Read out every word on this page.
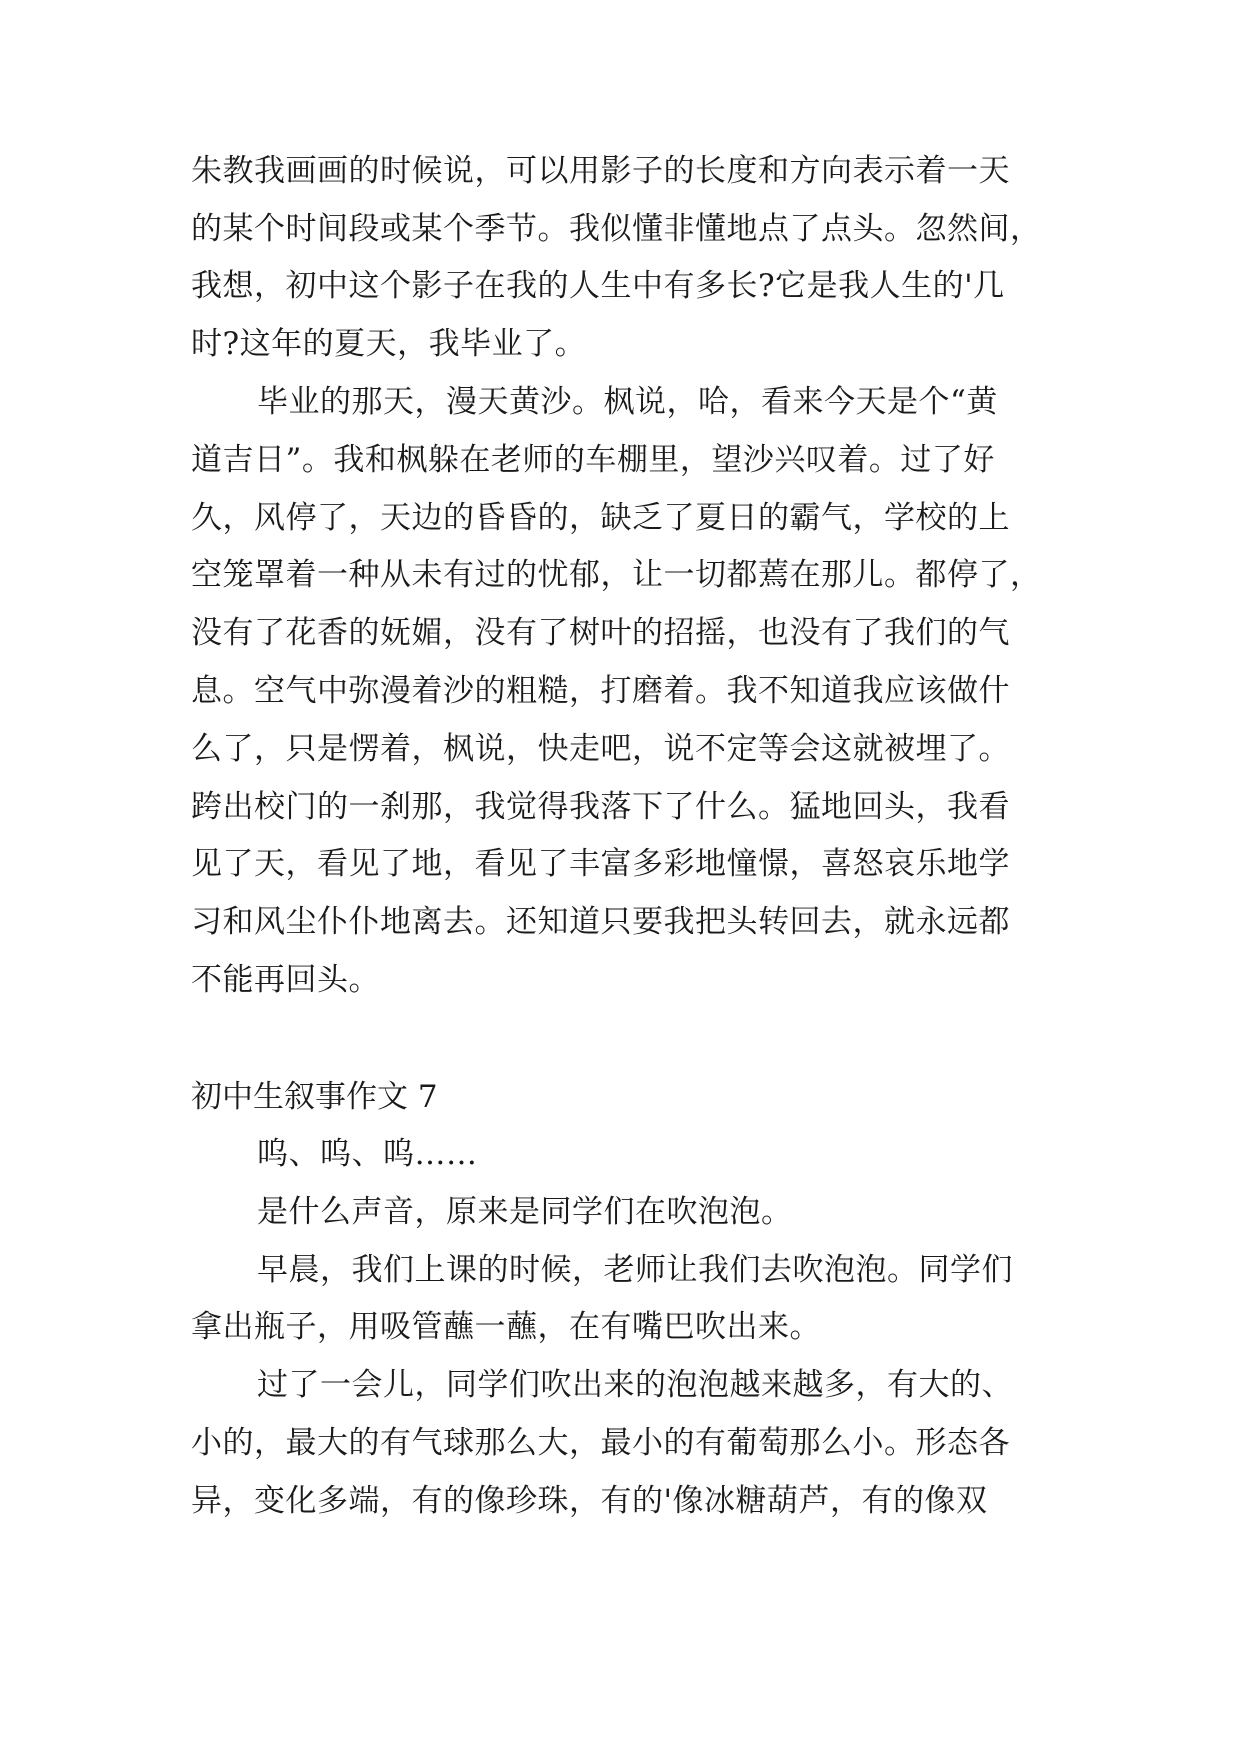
朱教我画画的时候说，可以用影子的长度和方向表示着一天
的某个时间段或某个季节。我似懂非懂地点了点头。忽然间，
我想，初中这个影子在我的人生中有多长?它是我人生的'几
时?这年的夏天，我毕业了。
毕业的那天，漫天黄沙。枫说，哈，看来今天是个“黄
道吉日”。我和枫躲在老师的车棚里，望沙兴叹着。过了好
久，风停了，天边的昏昏的，缺乏了夏日的霸气，学校的上
空笼罩着一种从未有过的忧郁，让一切都蔫在那儿。都停了，
没有了花香的妩媚，没有了树叶的招摇，也没有了我们的气
息。空气中弥漫着沙的粗糙，打磨着。我不知道我应该做什
么了，只是愣着，枫说，快走吧，说不定等会这就被埋了。
跨出校门的一刹那，我觉得我落下了什么。猛地回头，我看
见了天，看见了地，看见了丰富多彩地憧憬，喜怒哀乐地学
习和风尘仆仆地离去。还知道只要我把头转回去，就永远都
不能再回头。
初中生叙事作文 7
呜、呜、呜……
是什么声音，原来是同学们在吹泡泡。
早晨，我们上课的时候，老师让我们去吹泡泡。同学们
拿出瓶子，用吸管蘸一蘸，在有嘴巴吹出来。
过了一会儿，同学们吹出来的泡泡越来越多，有大的、
小的，最大的有气球那么大，最小的有葡萄那么小。形态各
异，变化多端，有的像珍珠，有的'像冰糖葫芦，有的像双
